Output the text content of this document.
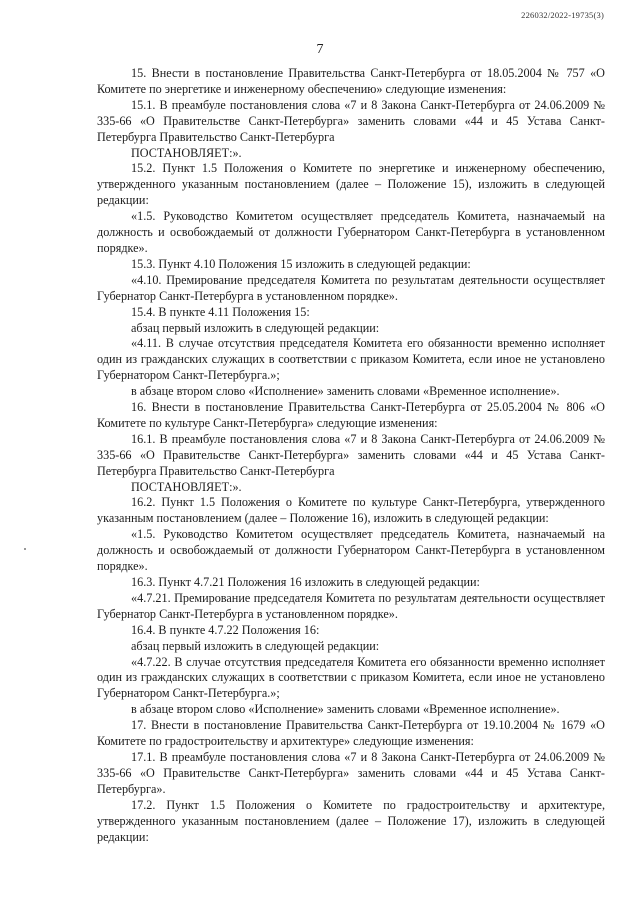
226032/2022-19735(3)
7

15. Внести в постановление Правительства Санкт-Петербурга от 18.05.2004 № 757 «О Комитете по энергетике и инженерному обеспечению» следующие изменения:

15.1. В преамбуле постановления слова «7 и 8 Закона Санкт-Петербурга от 24.06.2009 № 335-66 «О Правительстве Санкт-Петербурга» заменить словами «44 и 45 Устава Санкт-Петербурга Правительство Санкт-Петербурга

ПОСТАНОВЛЯЕТ:».

15.2. Пункт 1.5 Положения о Комитете по энергетике и инженерному обеспечению, утвержденного указанным постановлением (далее – Положение 15), изложить в следующей редакции:

«1.5. Руководство Комитетом осуществляет председатель Комитета, назначаемый на должность и освобождаемый от должности Губернатором Санкт-Петербурга в установленном порядке».

15.3. Пункт 4.10 Положения 15 изложить в следующей редакции:

«4.10. Премирование председателя Комитета по результатам деятельности осуществляет Губернатор Санкт-Петербурга в установленном порядке».

15.4. В пункте 4.11 Положения 15:

абзац первый изложить в следующей редакции:

«4.11. В случае отсутствия председателя Комитета его обязанности временно исполняет один из гражданских служащих в соответствии с приказом Комитета, если иное не установлено Губернатором Санкт-Петербурга.»;

в абзаце втором слово «Исполнение» заменить словами «Временное исполнение».

16. Внести в постановление Правительства Санкт-Петербурга от 25.05.2004 № 806 «О Комитете по культуре Санкт-Петербурга» следующие изменения:

16.1. В преамбуле постановления слова «7 и 8 Закона Санкт-Петербурга от 24.06.2009 № 335-66 «О Правительстве Санкт-Петербурга» заменить словами «44 и 45 Устава Санкт-Петербурга Правительство Санкт-Петербурга

ПОСТАНОВЛЯЕТ:».

16.2. Пункт 1.5 Положения о Комитете по культуре Санкт-Петербурга, утвержденного указанным постановлением (далее – Положение 16), изложить в следующей редакции:

«1.5. Руководство Комитетом осуществляет председатель Комитета, назначаемый на должность и освобождаемый от должности Губернатором Санкт-Петербурга в установленном порядке».

16.3. Пункт 4.7.21 Положения 16 изложить в следующей редакции:

«4.7.21. Премирование председателя Комитета по результатам деятельности осуществляет Губернатор Санкт-Петербурга в установленном порядке».

16.4. В пункте 4.7.22 Положения 16:

абзац первый изложить в следующей редакции:

«4.7.22. В случае отсутствия председателя Комитета его обязанности временно исполняет один из гражданских служащих в соответствии с приказом Комитета, если иное не установлено Губернатором Санкт-Петербурга.»;

в абзаце втором слово «Исполнение» заменить словами «Временное исполнение».

17. Внести в постановление Правительства Санкт-Петербурга от 19.10.2004 № 1679 «О Комитете по градостроительству и архитектуре» следующие изменения:

17.1. В преамбуле постановления слова «7 и 8 Закона Санкт-Петербурга от 24.06.2009 № 335-66 «О Правительстве Санкт-Петербурга» заменить словами «44 и 45 Устава Санкт-Петербурга».

17.2. Пункт 1.5 Положения о Комитете по градостроительству и архитектуре, утвержденного указанным постановлением (далее – Положение 17), изложить в следующей редакции:
